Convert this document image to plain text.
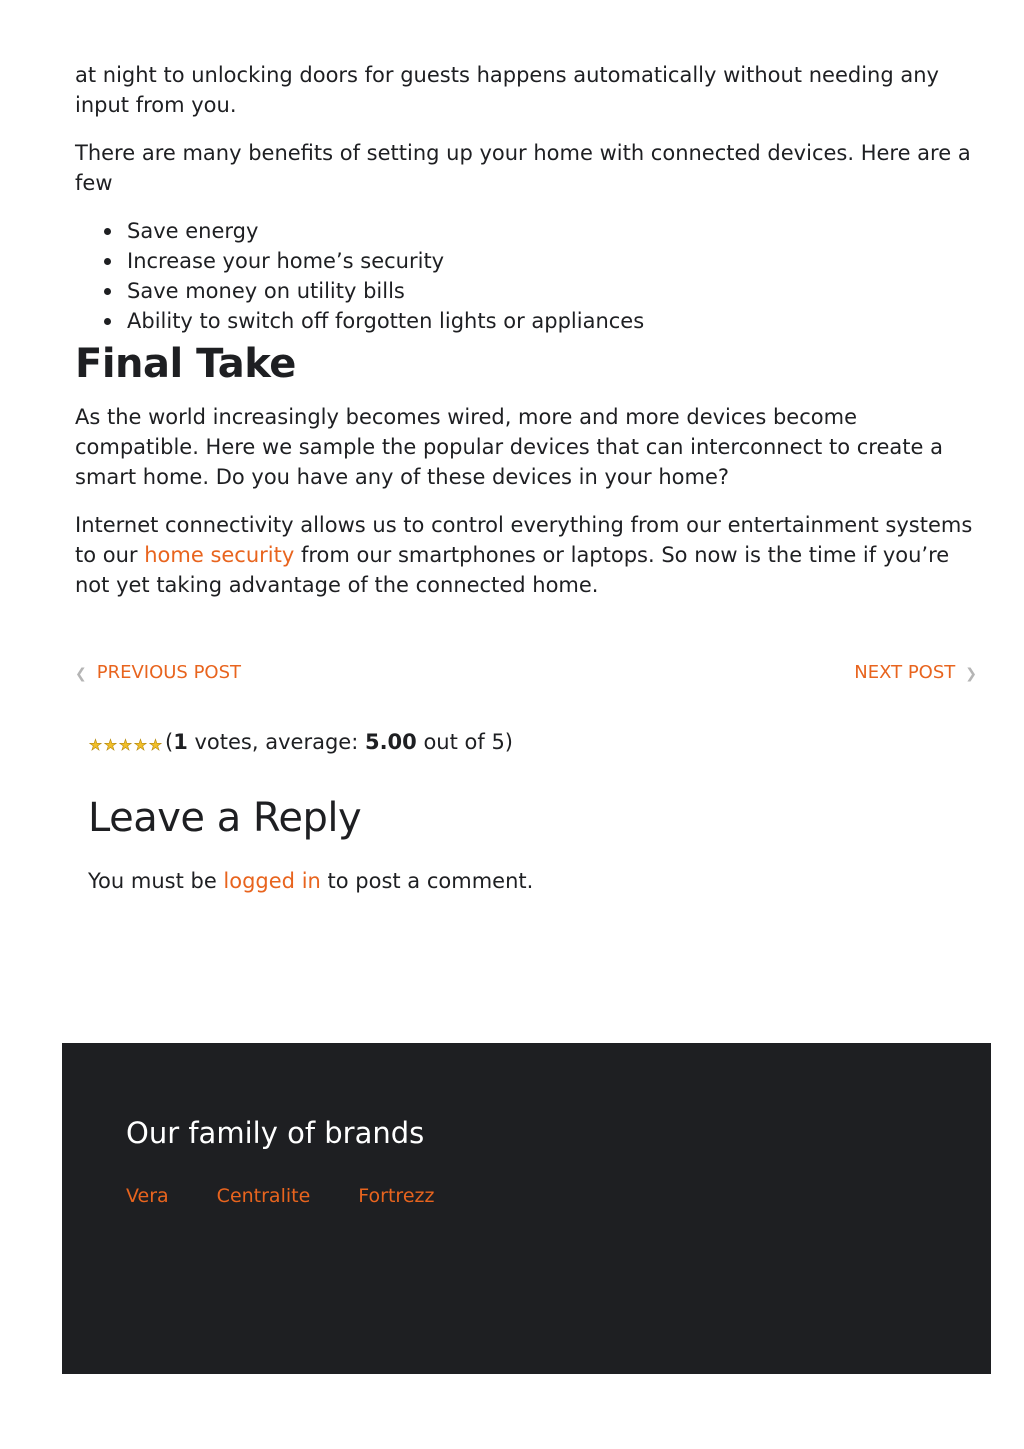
at night to unlocking doors for guests happens automatically without needing any input from you.

There are many benefits of setting up your home with connected devices. Here are a few

Save energy
Increase your home’s security
Save money on utility bills
Ability to switch off forgotten lights or appliances
Final Take

As the world increasingly becomes wired, more and more devices become compatible. Here we sample the popular devices that can interconnect to create a smart home. Do you have any of these devices in your home?

Internet connectivity allows us to control everything from our entertainment systems to our home security from our smartphones or laptops. So now is the time if you’re not yet taking advantage of the connected home.

❮ PREVIOUS POST	NEXT POST ❯
★ ★ ★ ★ ★ (1 votes, average: 5.00 out of 5)
Leave a Reply

You must be logged in to post a comment.

Our family of brands
Vera	Centralite	Fortrezz
